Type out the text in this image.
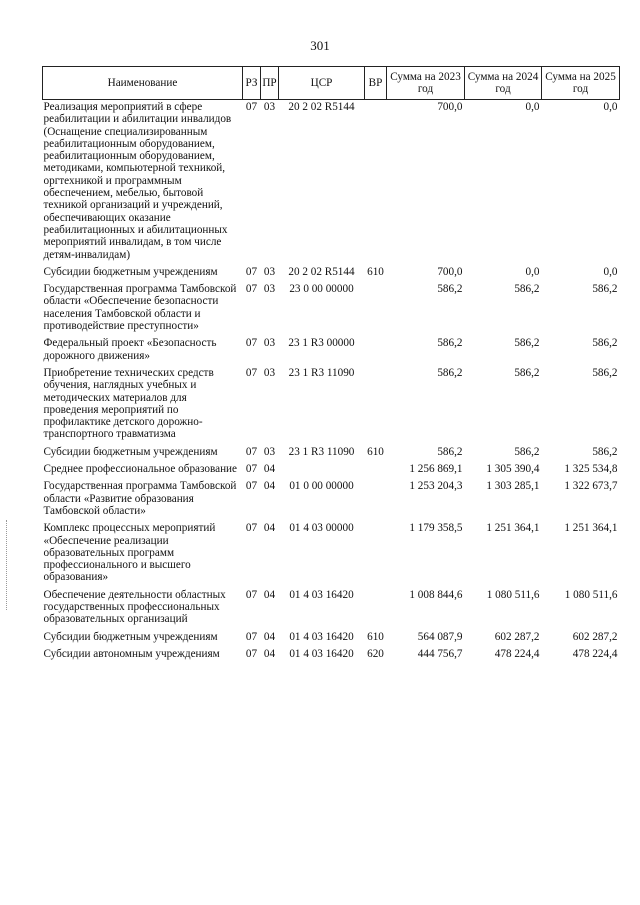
301
Наименование	РЗ	ПР	ЦСР	ВР	Сумма на 2023 год	Сумма на 2024 год	Сумма на 2025 год
Реализация мероприятий в сфере реабилитации и абилитации инвалидов (Оснащение специализированным реабилитационным оборудованием, реабилитационным оборудованием, методиками, компьютерной техникой, оргтехникой и программным обеспечением, мебелью, бытовой техникой организаций и учреждений, обеспечивающих оказание реабилитационных и абилитационных мероприятий инвалидам, в том числе детям-инвалидам)	07	03	20 2 02 R5144		700,0	0,0	0,0
Субсидии бюджетным учреждениям	07	03	20 2 02 R5144	610	700,0	0,0	0,0
Государственная программа Тамбовской области «Обеспечение безопасности населения Тамбовской области и противодействие преступности»	07	03	23 0 00 00000		586,2	586,2	586,2
Федеральный проект «Безопасность дорожного движения»	07	03	23 1 R3 00000		586,2	586,2	586,2
Приобретение технических средств обучения, наглядных учебных и методических материалов для проведения мероприятий по профилактике детского дорожно-транспортного травматизма	07	03	23 1 R3 11090		586,2	586,2	586,2
Субсидии бюджетным учреждениям	07	03	23 1 R3 11090	610	586,2	586,2	586,2
Среднее профессиональное образование	07	04			1 256 869,1	1 305 390,4	1 325 534,8
Государственная программа Тамбовской области «Развитие образования Тамбовской области»	07	04	01 0 00 00000		1 253 204,3	1 303 285,1	1 322 673,7
Комплекс процессных мероприятий «Обеспечение реализации образовательных программ профессионального и высшего образования»	07	04	01 4 03 00000		1 179 358,5	1 251 364,1	1 251 364,1
Обеспечение деятельности областных государственных профессиональных образовательных организаций	07	04	01 4 03 16420		1 008 844,6	1 080 511,6	1 080 511,6
Субсидии бюджетным учреждениям	07	04	01 4 03 16420	610	564 087,9	602 287,2	602 287,2
Субсидии автономным учреждениям	07	04	01 4 03 16420	620	444 756,7	478 224,4	478 224,4
